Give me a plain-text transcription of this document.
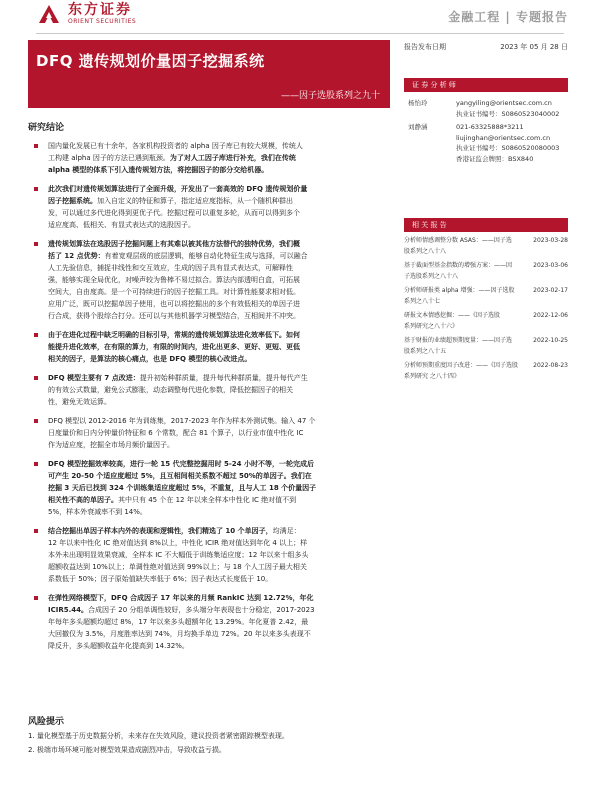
东方证券
ORIENT SECURITIES	金融工程 | 专题报告
DFQ 遗传规划价量因子挖掘系统
——因子选股系列之九十
报告发布日期	2023 年 05 月 28 日
证 券 分 析 师
杨怡玲	yangyiling@orientsec.com.cn
执业证书编号：S0860523040002
刘静涵	021-63325888*3211
liujinghan@orientsec.com.cn
执业证书编号：S0860520080003
香港证监会牌照：BSX840
相 关 报 告
分析师情感调整分数 ASAS：——因子选
股系列之八十八
2023-03-28
基于截面型基金指数的增强方案：——因
子选股系列之八十八
2023-03-06
分析师研报类 alpha 增强：——因子选股
系列之八十七
2023-02-17
研报文本情感挖掘：——《因子选股
系列研究之八十六》
2022-12-06
基于财报的业绩超预期度量：——因子选
股系列之八十五
2022-10-25
分析师预期重度因子改进：——《因子选股
系列研究 之八十四》
2022-08-23
研究结论
国内量化发展已有十余年，各家机构投资者的 alpha 因子库已有较大规模，传统人
工构建 alpha 因子的方法已遇到瓶颈。为了对人工因子库进行补充，我们在传统
alpha 模型的体系下引入遗传规划方法，将挖掘因子的部分交给机器。
此次我们对遗传规划算法进行了全面升级，开发出了一套高效的 DFQ 遗传规划价量
因子挖掘系统。加入自定义的特征和算子，指定适应度指标，从一个随机种群出
发，可以通过多代进化得到更优子代。挖掘过程可以重复多轮，从而可以得到多个
适应度高、低相关、有显式表达式的选股因子。
遗传规划算法在选股因子挖掘问题上有其难以被其他方法替代的独特优势，我们概
括了 12 点优势：有着宽观层级的底层逻辑，能够自动化特征生成与选择，可以融合
人工先验信息，捕捉非线性和交互效应，生成的因子具有显式表达式，可解释性
强，能够实现全局优化，对噪声较为鲁棒不易过拟合。算法内部透明白盒，可拓展
空间大，自由度高。是一个可持续进行的因子挖掘工具。对计算性能要求相对低。
应用广泛，既可以挖掘单因子使用，也可以将挖掘出的多个有效低相关的单因子进
行合成，获得个股综合打分。还可以与其他机器学习模型结合，互相间并不冲突。
由于在进化过程中缺乏明确的目标引导，常规的遗传规划算法进化效率低下。如何
能提升进化效率，在有限的算力，有限的时间内，进化出更多、更好、更短、更低
相关的因子，是算法的核心痛点，也是 DFQ 模型的核心改进点。
DFQ 模型主要有 7 点改进：提升初始种群质量，提升每代种群质量，提升每代产生
的有效公式数量，避免公式膨胀，动态调整每代进化参数，降低挖掘因子的相关
性，避免无效运算。
DFQ 模型以 2012-2016 年为训练集，2017-2023 年作为样本外测试集。输入 47 个
日度量价和日内分钟量价特征和 6 个常数，配合 81 个算子，以行业市值中性化 IC
作为适应度，挖掘全市场月频价量因子。
DFQ 模型挖掘效率较高，进行一轮 15 代完整挖掘用时 5-24 小时不等，一轮完成后
可产生 20-50 个适应度超过 5%，且互相间相关系数不超过 50%的单因子。我们在
挖掘 3 天后已找到 324 个训练集适应度超过 5%，不重复，且与人工 18 个价量因子
相关性不高的单因子。其中只有 45 个在 12 年以来全样本中性化 IC 绝对值不到
5%，样本外衰减率不到 14%。
结合挖掘出单因子样本内外的表现和逻辑性，我们精选了 10 个单因子，均满足：
12 年以来中性化 IC 绝对值达到 8%以上，中性化 ICIR 绝对值达到年化 4 以上；样
本外未出现明显效果衰减，全样本 IC 不大幅低于训练集适应度；12 年以来十组多头
超额收益达到 10%以上；单调性绝对值达到 99%以上；与 18 个人工因子最大相关
系数低于 50%；因子原始值缺失率低于 6%；因子表达式长度低于 10。
在弹性网络模型下，DFQ 合成因子 17 年以来的月频 RankIC 达到 12.72%，年化
ICIR5.44。合成因子 20 分组单调性较好，多头端分年表现也十分稳定，2017-2023
年每年多头超额均超过 8%，17 年以来多头超额年化 13.29%。年化夏普 2.42，最
大回撤仅为 3.5%，月度胜率达到 74%，月均换手单边 72%。20 年以来多头表现不
降反升，多头超额收益年化提高到 14.32%。
风险提示
1. 量化模型基于历史数据分析，未来存在失效风险，建议投资者紧密跟踪模型表现。
2. 极端市场环境可能对模型效果造成剧烈冲击，导致收益亏损。
